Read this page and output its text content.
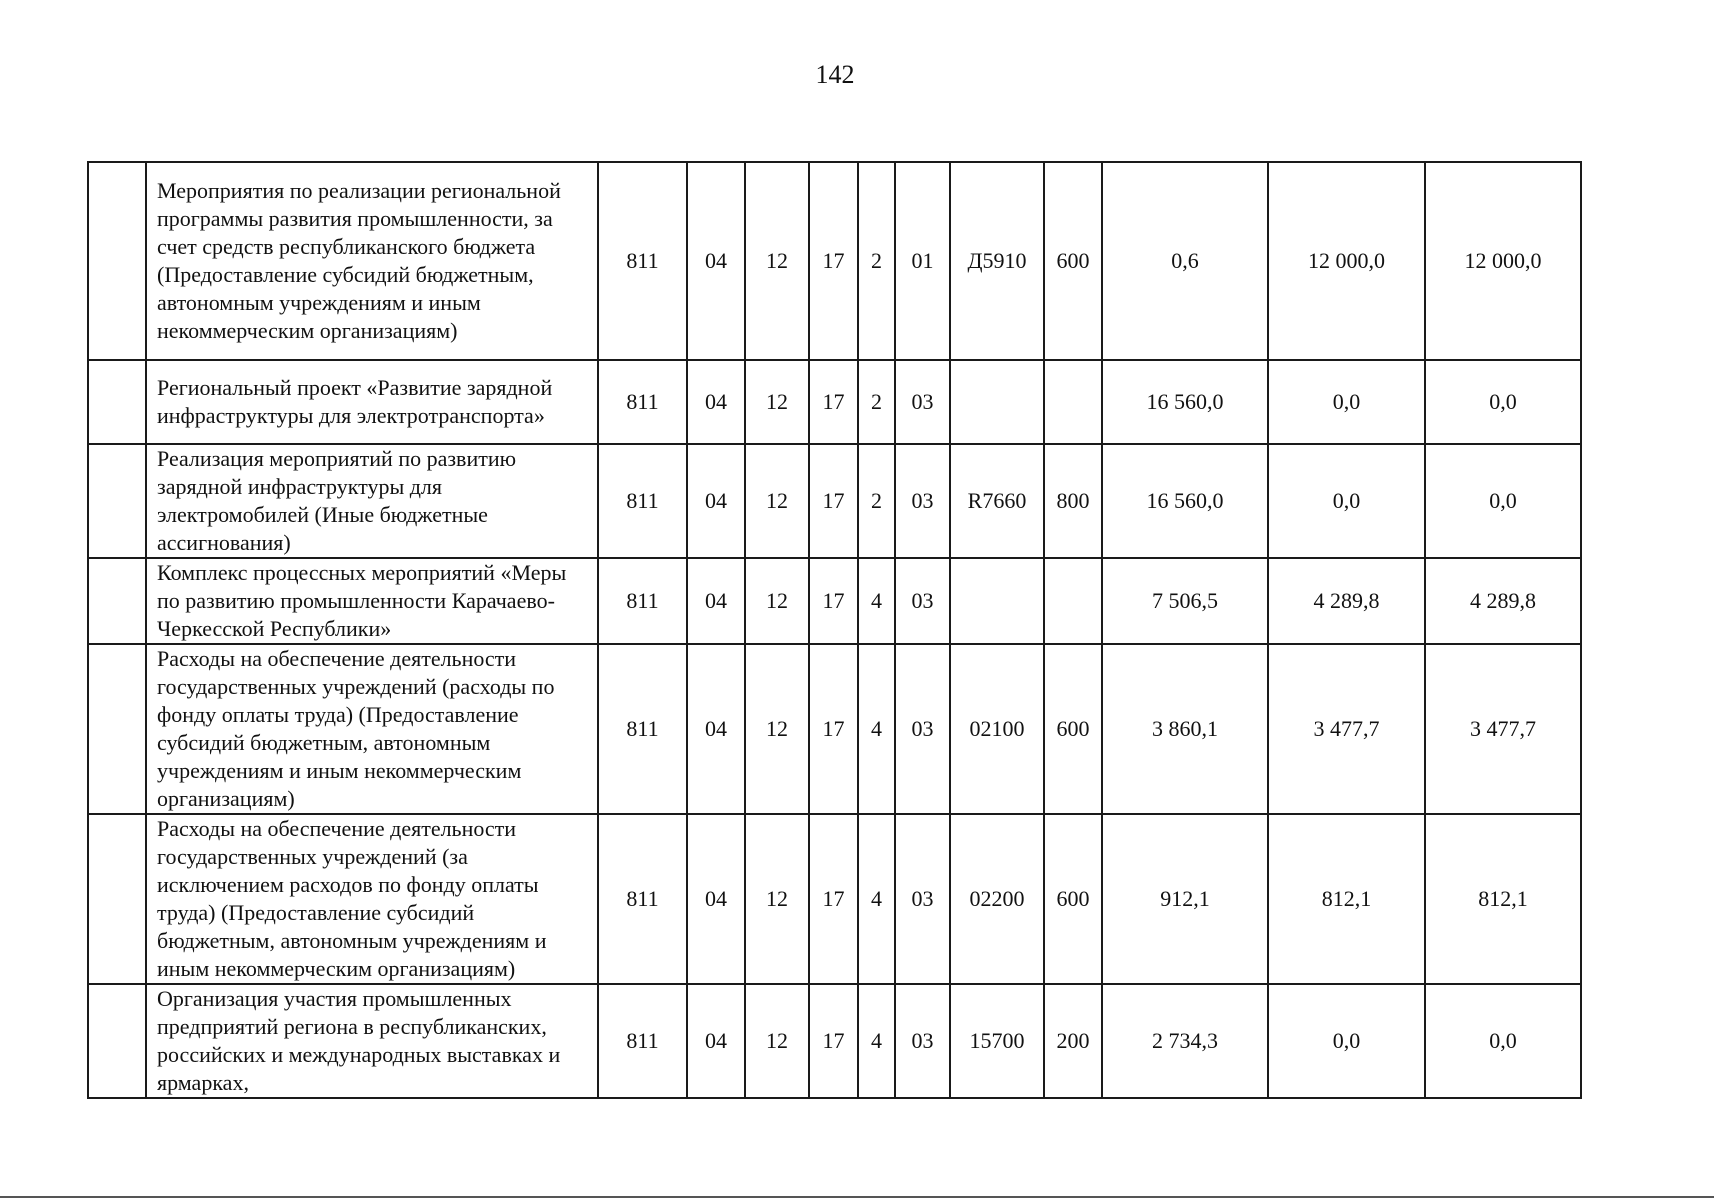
142
	Мероприятия по реализации региональной программы развития промышленности, за счет средств республиканского бюджета (Предоставление субсидий бюджетным, автономным учреждениям и иным некоммерческим организациям)	811	04	12	17	2	01	Д5910	600	0,6	12 000,0	12 000,0
	Региональный проект «Развитие зарядной инфраструктуры для электротранспорта»	811	04	12	17	2	03			16 560,0	0,0	0,0
	Реализация мероприятий по развитию зарядной инфраструктуры для электромобилей (Иные бюджетные ассигнования)	811	04	12	17	2	03	R7660	800	16 560,0	0,0	0,0
	Комплекс процессных мероприятий «Меры по развитию промышленности Карачаево-Черкесской Республики»	811	04	12	17	4	03			7 506,5	4 289,8	4 289,8
	Расходы на обеспечение деятельности государственных учреждений (расходы по фонду оплаты труда) (Предоставление субсидий бюджетным, автономным учреждениям и иным некоммерческим организациям)	811	04	12	17	4	03	02100	600	3 860,1	3 477,7	3 477,7
	Расходы на обеспечение деятельности государственных учреждений (за исключением расходов по фонду оплаты труда) (Предоставление субсидий бюджетным, автономным учреждениям и иным некоммерческим организациям)	811	04	12	17	4	03	02200	600	912,1	812,1	812,1
	Организация участия промышленных предприятий региона в республиканских, российских и международных выставках и ярмарках,	811	04	12	17	4	03	15700	200	2 734,3	0,0	0,0
